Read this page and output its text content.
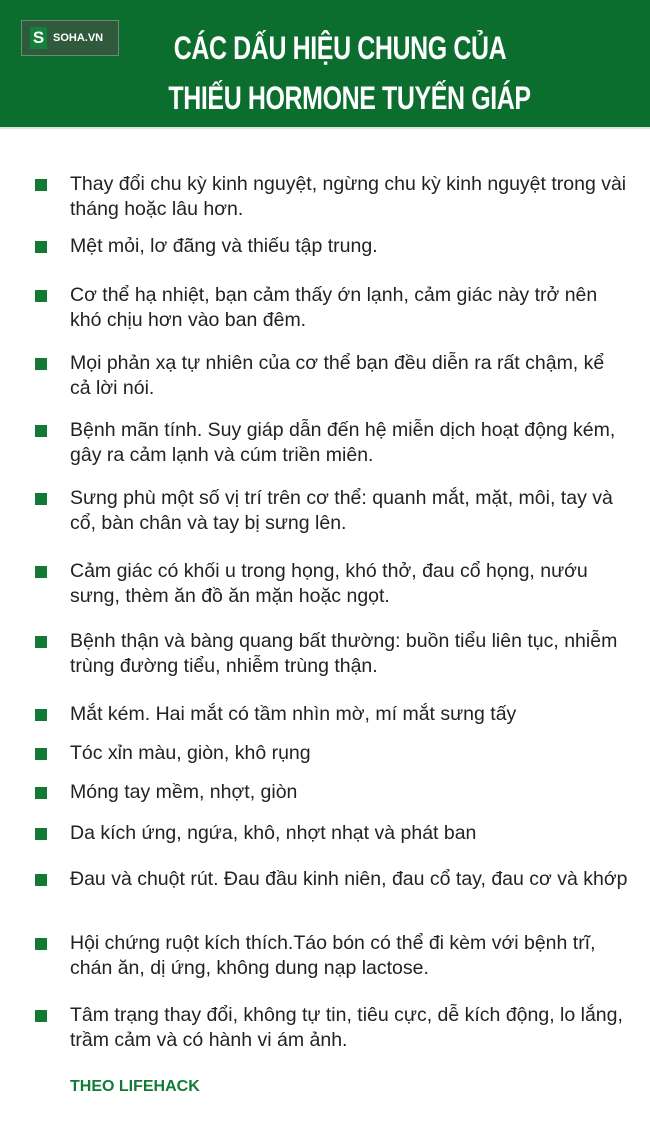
S SOHA.VN CÁC DẤU HIỆU CHUNG CỦA
THIẾU HORMONE TUYẾN GIÁP
Thay đổi chu kỳ kinh nguyệt, ngừng chu kỳ kinh nguyệt trong vài tháng hoặc lâu hơn.
Mệt mỏi, lơ đãng và thiếu tập trung.
Cơ thể hạ nhiệt, bạn cảm thấy ớn lạnh, cảm giác này trở nên khó chịu hơn vào ban đêm.
Mọi phản xạ tự nhiên của cơ thể bạn đều diễn ra rất chậm, kể cả lời nói.
Bệnh mãn tính. Suy giáp dẫn đến hệ miễn dịch hoạt động kém, gây ra cảm lạnh và cúm triền miên.
Sưng phù một số vị trí trên cơ thể: quanh mắt, mặt, môi, tay và cổ, bàn chân và tay bị sưng lên.
Cảm giác có khối u trong họng, khó thở, đau cổ họng, nướu sưng, thèm ăn đồ ăn mặn hoặc ngọt.
Bệnh thận và bàng quang bất thường: buồn tiểu liên tục, nhiễm trùng đường tiểu, nhiễm trùng thận.
Mắt kém. Hai mắt có tầm nhìn mờ, mí mắt sưng tấy
Tóc xỉn màu, giòn, khô rụng
Móng tay mềm, nhợt, giòn
Da kích ứng, ngứa, khô, nhợt nhạt và phát ban
Đau và chuột rút. Đau đầu kinh niên, đau cổ tay, đau cơ và khớp
Hội chứng ruột kích thích.Táo bón có thể đi kèm với bệnh trĩ, chán ăn, dị ứng, không dung nạp lactose.
Tâm trạng thay đổi, không tự tin, tiêu cực, dễ kích động, lo lắng, trầm cảm và có hành vi ám ảnh.
THEO LIFEHACK
